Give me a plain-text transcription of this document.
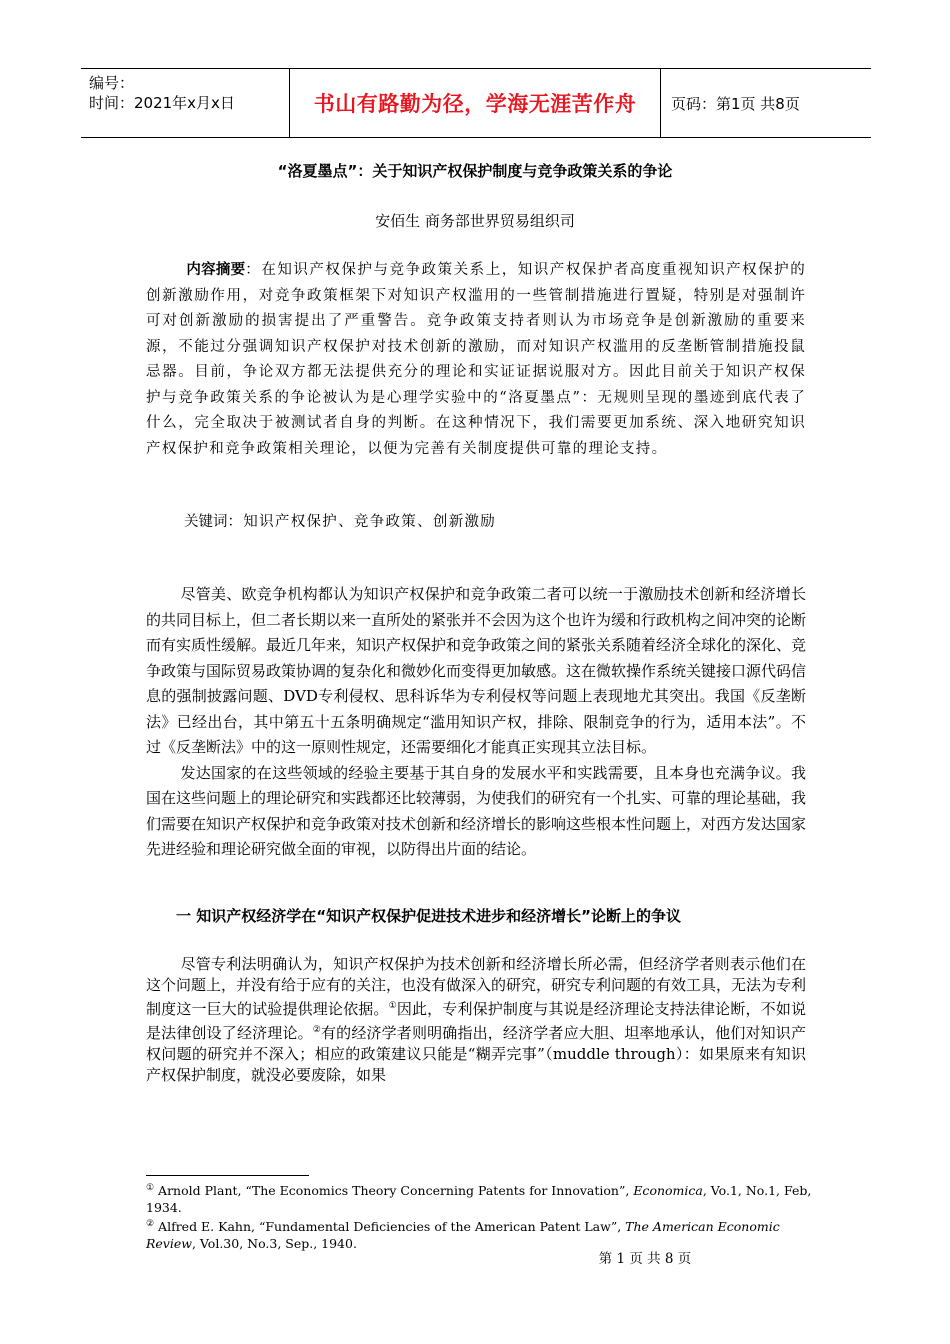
编号：
时间：2021年x月x日	书山有路勤为径，学海无涯苦作舟	页码：第1页 共8页
“洛夏墨点”：关于知识产权保护制度与竞争政策关系的争论
安佰生 商务部世界贸易组织司
   内容摘要：在知识产权保护与竞争政策关系上，知识产权保护者高度重视知识产权保护的创新激励作用，对竞争政策框架下对知识产权滥用的一些管制措施进行置疑，特别是对强制许可对创新激励的损害提出了严重警告。竞争政策支持者则认为市场竞争是创新激励的重要来源，不能过分强调知识产权保护对技术创新的激励，而对知识产权滥用的反垄断管制措施投鼠忌器。目前，争论双方都无法提供充分的理论和实证证据说服对方。因此目前关于知识产权保护与竞争政策关系的争论被认为是心理学实验中的“洛夏墨点”：无规则呈现的墨迹到底代表了什么，完全取决于被测试者自身的判断。在这种情况下，我们需要更加系统、深入地研究知识产权保护和竞争政策相关理论，以便为完善有关制度提供可靠的理论支持。
关键词：知识产权保护、竞争政策、创新激励

尽管美、欧竞争机构都认为知识产权保护和竞争政策二者可以统一于激励技术创新和经济增长的共同目标上，但二者长期以来一直所处的紧张并不会因为这个也许为缓和行政机构之间冲突的论断而有实质性缓解。最近几年来，知识产权保护和竞争政策之间的紧张关系随着经济全球化的深化、竞争政策与国际贸易政策协调的复杂化和微妙化而变得更加敏感。这在微软操作系统关键接口源代码信息的强制披露问题、DVD专利侵权、思科诉华为专利侵权等问题上表现地尤其突出。我国《反垄断法》已经出台，其中第五十五条明确规定“滥用知识产权，排除、限制竞争的行为，适用本法”。不过《反垄断法》中的这一原则性规定，还需要细化才能真正实现其立法目标。

发达国家的在这些领域的经验主要基于其自身的发展水平和实践需要，且本身也充满争议。我国在这些问题上的理论研究和实践都还比较薄弱，为使我们的研究有一个扎实、可靠的理论基础，我们需要在知识产权保护和竞争政策对技术创新和经济增长的影响这些根本性问题上，对西方发达国家先进经验和理论研究做全面的审视，以防得出片面的结论。

一 知识产权经济学在“知识产权保护促进技术进步和经济增长”论断上的争议

尽管专利法明确认为，知识产权保护为技术创新和经济增长所必需，但经济学者则表示他们在这个问题上，并没有给于应有的关注，也没有做深入的研究，研究专利问题的有效工具，无法为专利制度这一巨大的试验提供理论依据。①因此，专利保护制度与其说是经济理论支持法律论断，不如说是法律创设了经济理论。②有的经济学者则明确指出，经济学者应大胆、坦率地承认，他们对知识产权问题的研究并不深入；相应的政策建议只能是“糊弄完事”（muddle through）：如果原来有知识产权保护制度，就没必要废除，如果

① Arnold Plant, “The Economics Theory Concerning Patents for Innovation”, Economica, Vo.1, No.1, Feb, 1934.
② Alfred E. Kahn, “Fundamental Deficiencies of the American Patent Law”, The American Economic Review, Vol.30, No.3, Sep., 1940.
第 1 页 共 8 页
